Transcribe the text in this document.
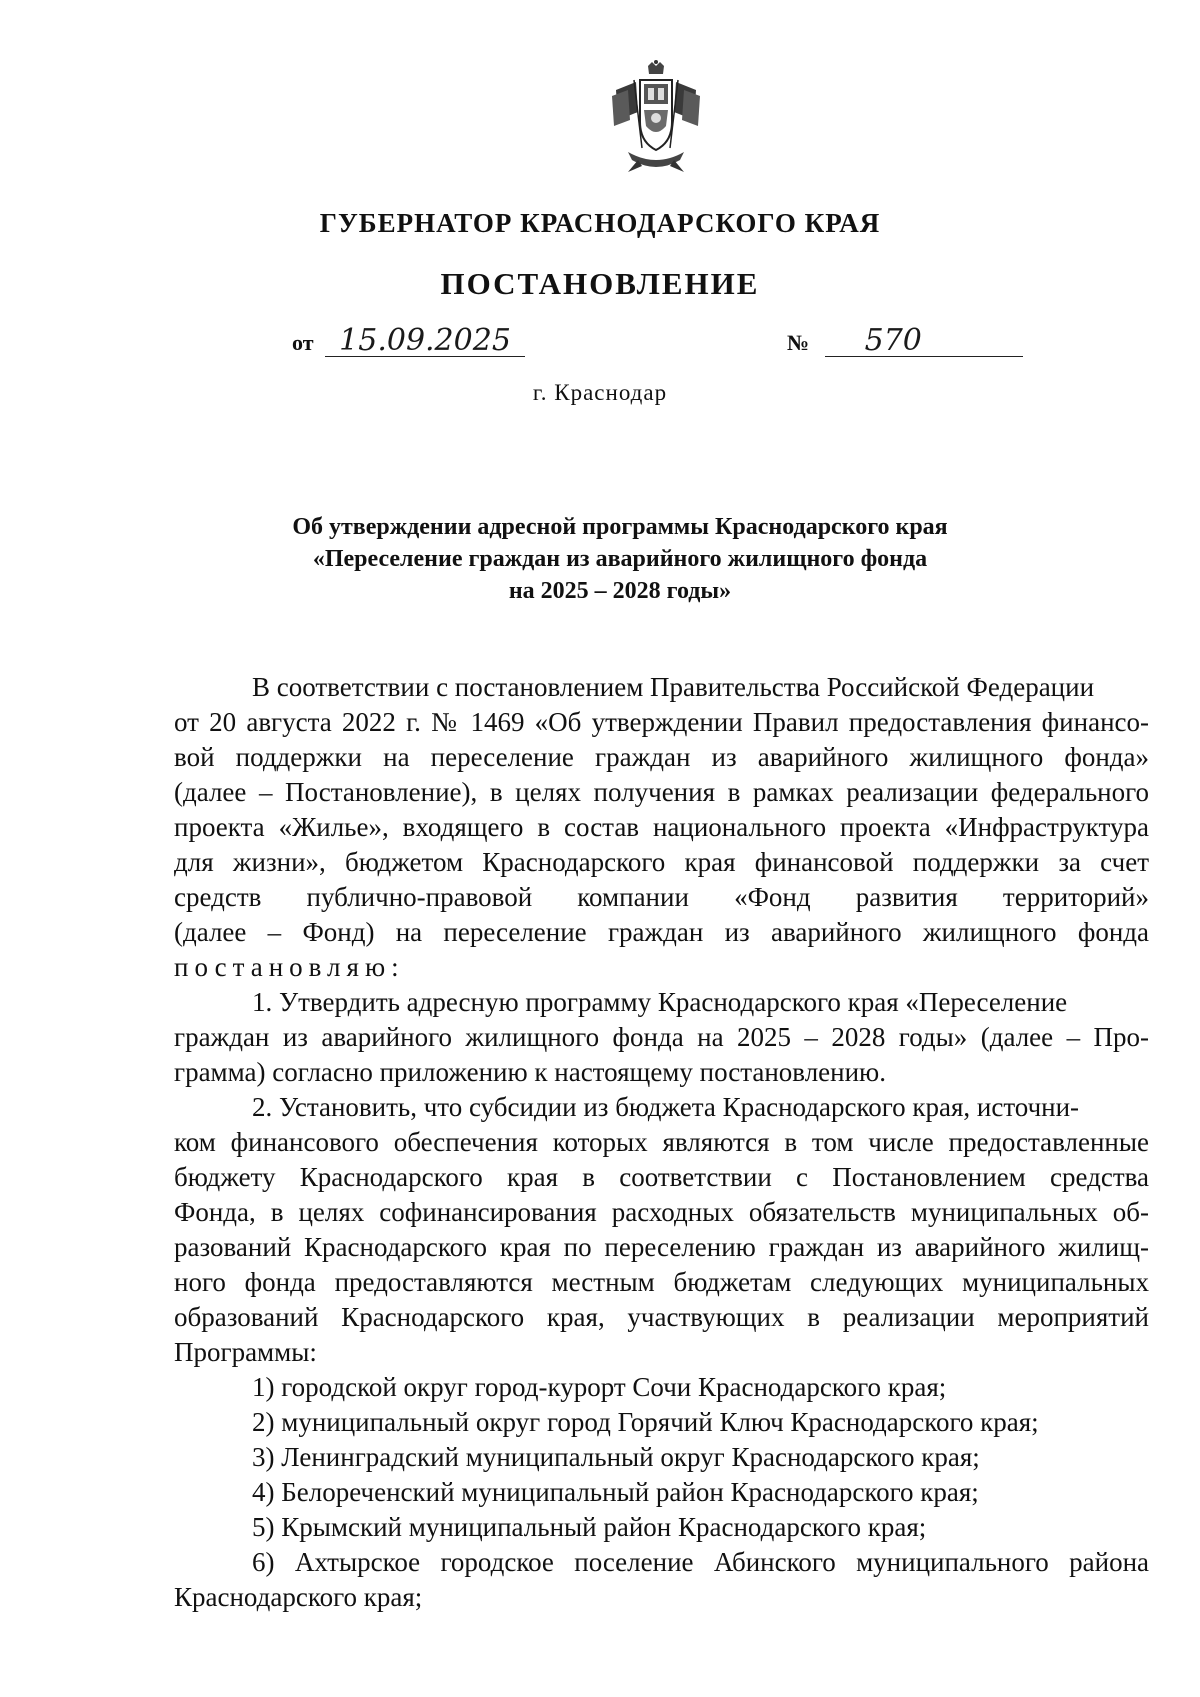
ГУБЕРНАТОР КРАСНОДАРСКОГО КРАЯ
ПОСТАНОВЛЕНИЕ
от 15.09.2025	№ 570
г. Краснодар
Об утверждении адресной программы Краснодарского края
«Переселение граждан из аварийного жилищного фонда
на 2025 – 2028 годы»
В соответствии с постановлением Правительства Российской Федерации
от 20 августа 2022 г. № 1469 «Об утверждении Правил предоставления финансо-
вой поддержки на переселение граждан из аварийного жилищного фонда»
(далее – Постановление), в целях получения в рамках реализации федерального
проекта «Жилье», входящего в состав национального проекта «Инфраструктура
для жизни», бюджетом Краснодарского края финансовой поддержки за счет
средств публично-правовой компании «Фонд развития территорий»
(далее – Фонд) на переселение граждан из аварийного жилищного фонда
постановляю:
1. Утвердить адресную программу Краснодарского края «Переселение
граждан из аварийного жилищного фонда на 2025 – 2028 годы» (далее – Про-
грамма) согласно приложению к настоящему постановлению.
2. Установить, что субсидии из бюджета Краснодарского края, источни-
ком финансового обеспечения которых являются в том числе предоставленные
бюджету Краснодарского края в соответствии с Постановлением средства
Фонда, в целях софинансирования расходных обязательств муниципальных об-
разований Краснодарского края по переселению граждан из аварийного жилищ-
ного фонда предоставляются местным бюджетам следующих муниципальных
образований Краснодарского края, участвующих в реализации мероприятий
Программы:
1) городской округ город-курорт Сочи Краснодарского края;
2) муниципальный округ город Горячий Ключ Краснодарского края;
3) Ленинградский муниципальный округ Краснодарского края;
4) Белореченский муниципальный район Краснодарского края;
5) Крымский муниципальный район Краснодарского края;
6) Ахтырское городское поселение Абинского муниципального района
Краснодарского края;
